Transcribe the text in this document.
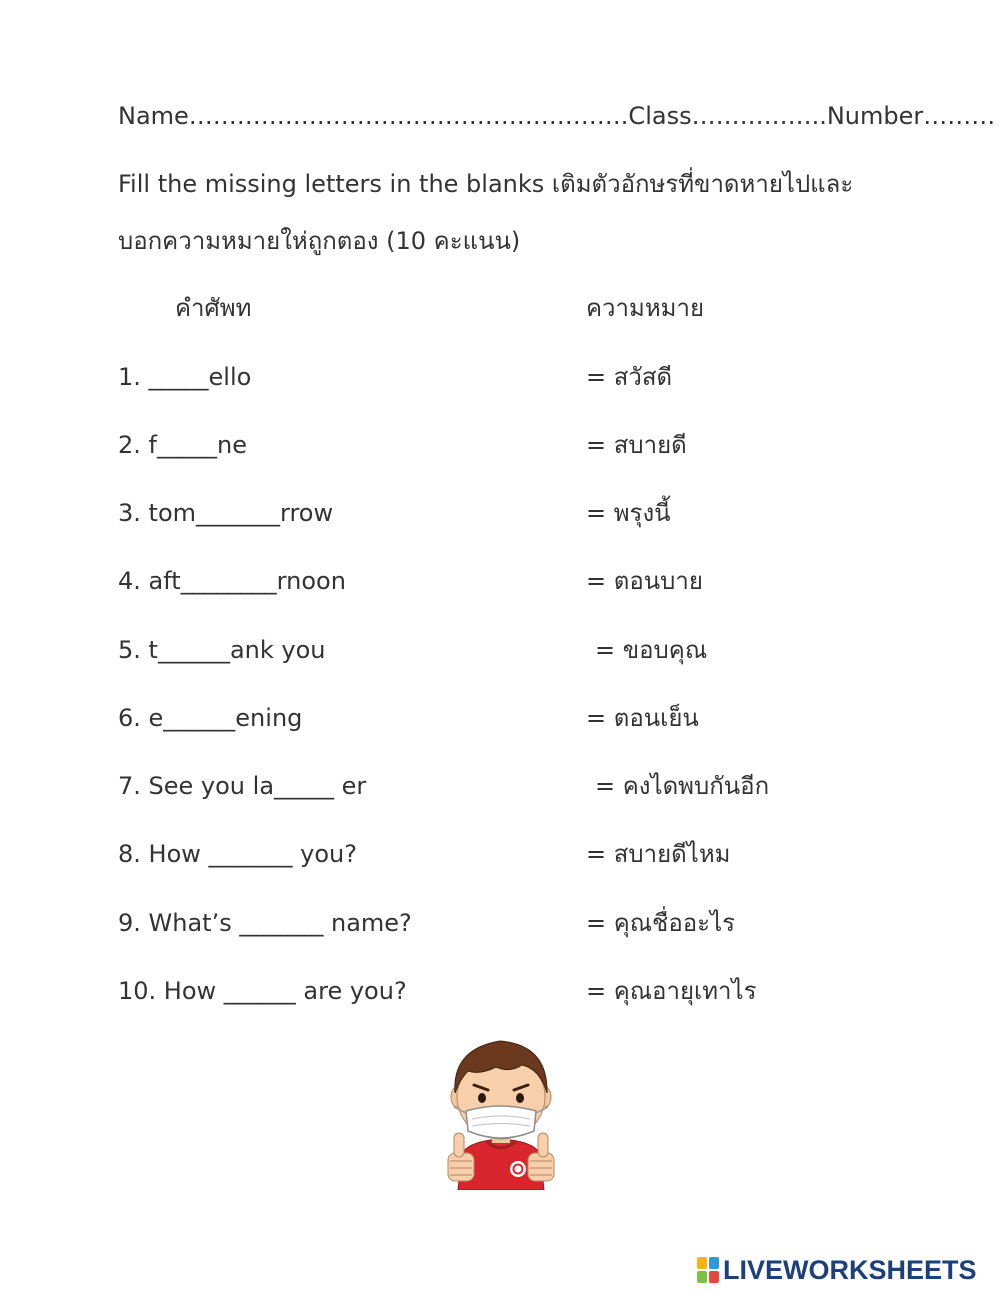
Name……………………………………………….Class……………..Number………
Fill the missing letters in the blanks เติมตัวอักษรที่ขาดหายไปและ
บอกความหมายให่ถูกตอง (10 คะแนน)
คำศัพท	ความหมาย
1. _____ello	= สวัสดี
2. f_____ne	= สบายดี
3. tom_______rrow	= พรุงนี้
4. aft________rnoon	= ตอนบาย
5. t______ank you	= ขอบคุณ
6. e______ening	= ตอนเย็น
7. See you la_____ er	= คงไดพบกันอีก
8. How _______ you?	= สบายดีไหม
9. What’s _______ name?	= คุณชื่ออะไร
10. How ______ are you?	= คุณอายุเทาไร
LIVEWORKSHEETS
